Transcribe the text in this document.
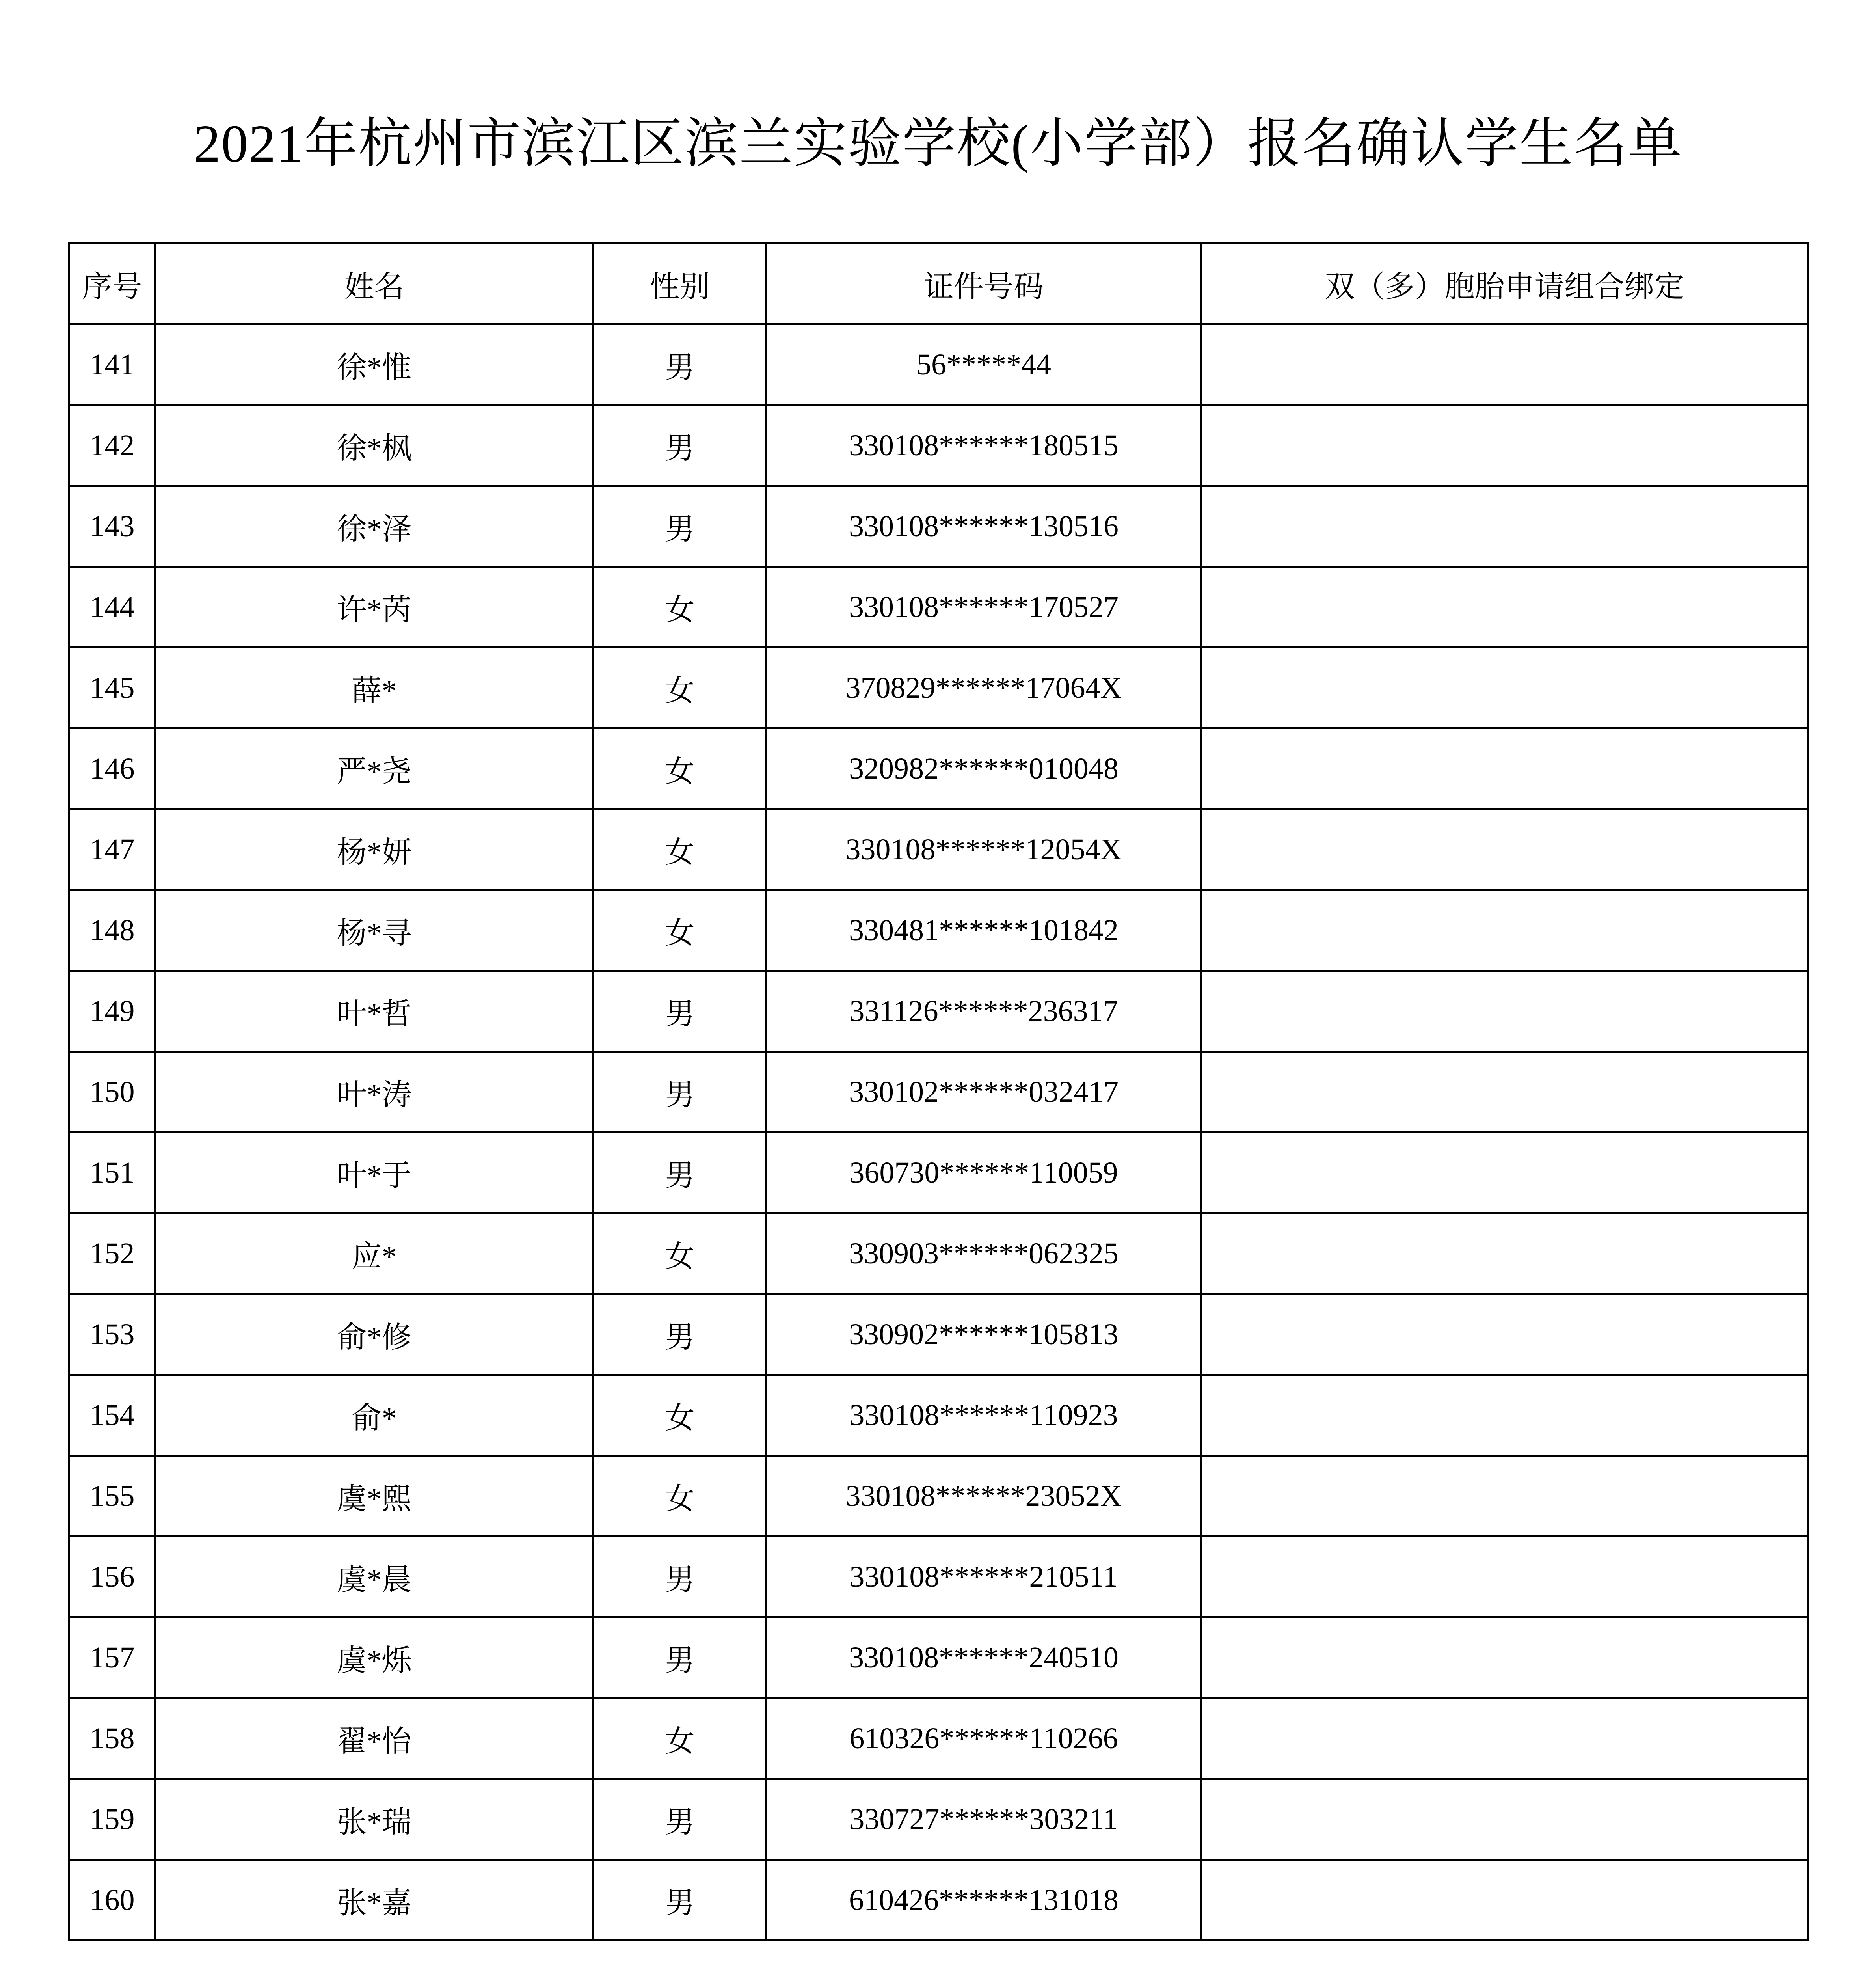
2021年杭州市滨江区滨兰实验学校(小学部）报名确认学生名单
序号	姓名	性别	证件号码	双（多）胞胎申请组合绑定
141	徐*惟	男	56*****44	
142	徐*枫	男	330108******180515	
143	徐*泽	男	330108******130516	
144	许*芮	女	330108******170527	
145	薛*	女	370829******17064X	
146	严*尧	女	320982******010048	
147	杨*妍	女	330108******12054X	
148	杨*寻	女	330481******101842	
149	叶*哲	男	331126******236317	
150	叶*涛	男	330102******032417	
151	叶*于	男	360730******110059	
152	应*	女	330903******062325	
153	俞*修	男	330902******105813	
154	俞*	女	330108******110923	
155	虞*熙	女	330108******23052X	
156	虞*晨	男	330108******210511	
157	虞*烁	男	330108******240510	
158	翟*怡	女	610326******110266	
159	张*瑞	男	330727******303211	
160	张*嘉	男	610426******131018	
